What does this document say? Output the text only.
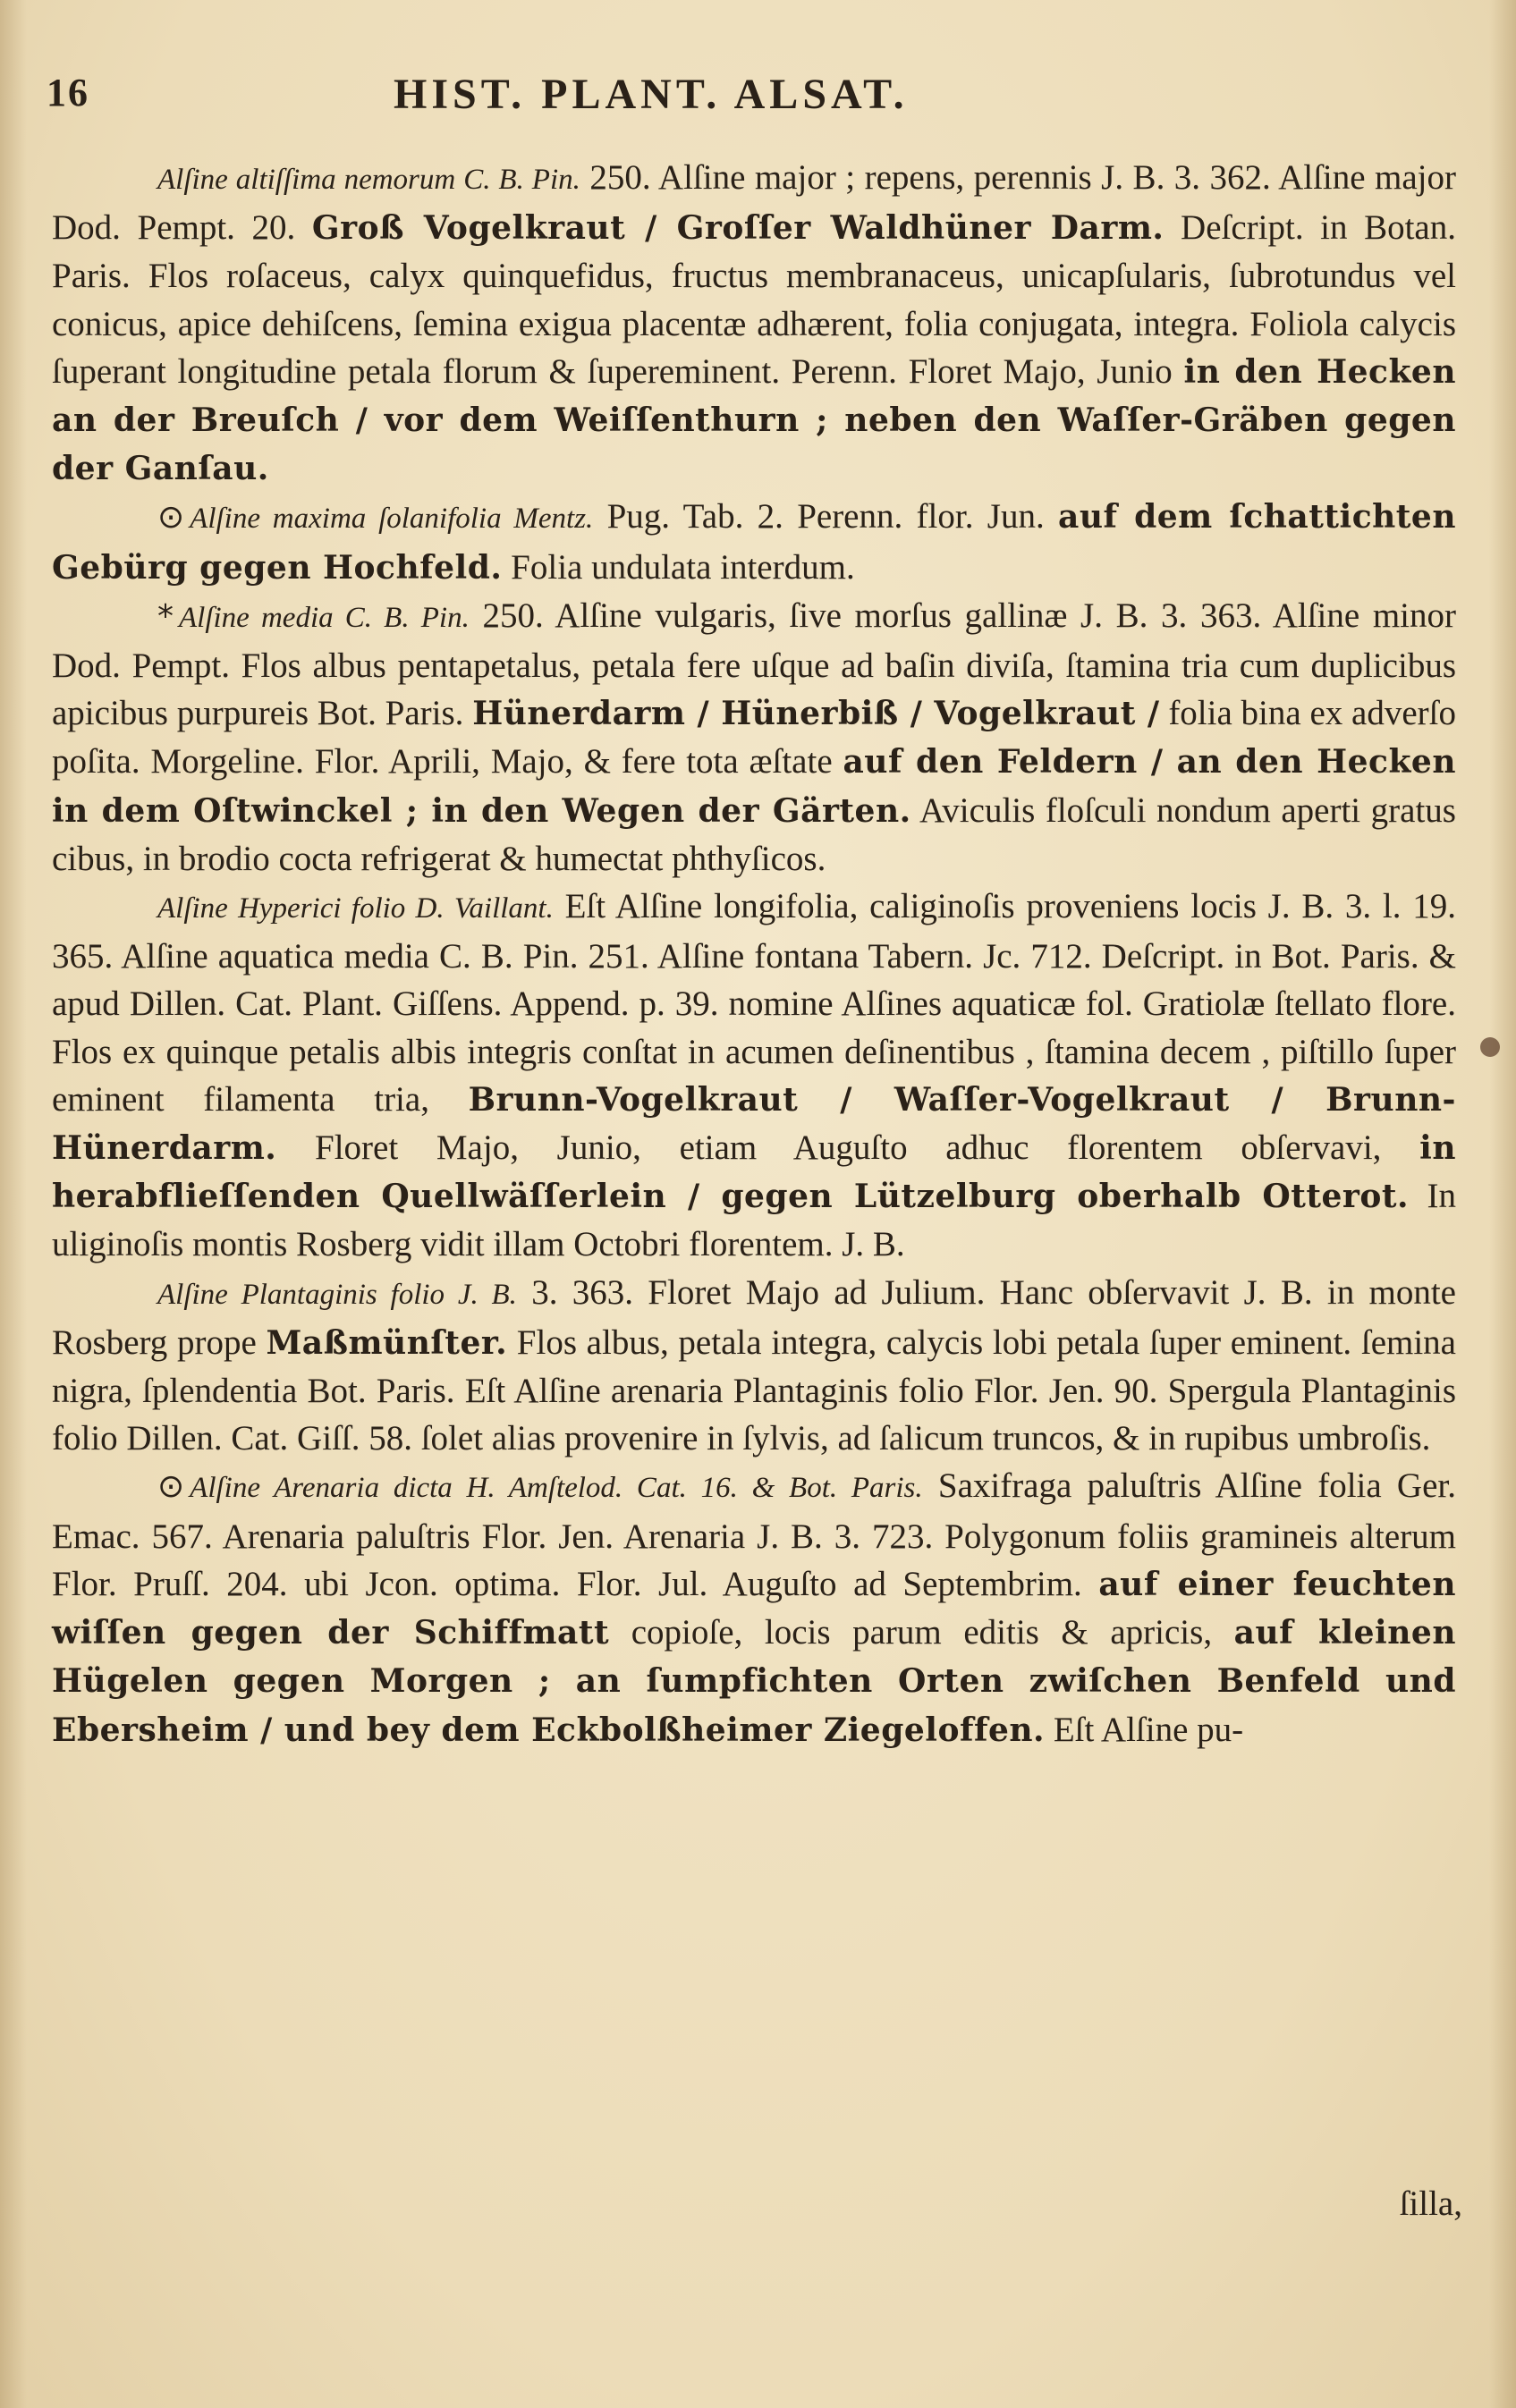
16	HIST. PLANT. ALSAT.

Alſine altiſſima nemorum C. B. Pin. 250. Alſine major ; repens, perennis J. B. 3. 362. Alſine major Dod. Pempt. 20. Groß Vogelkraut / Groſſer Waldhüner Darm. Deſcript. in Botan. Paris. Flos roſaceus, calyx quinquefidus, fructus membranaceus, unicapſularis, ſubrotundus vel conicus, apice dehiſcens, ſemina exigua placentæ adhærent, folia conjugata, integra. Foliola calycis ſuperant longitudine petala florum & ſupereminent. Perenn. Floret Majo, Junio in den Hecken an der Breuſch / vor dem Weiſſenthurn ; neben den Waſſer-Gräben gegen der Ganſau.

⊙ Alſine maxima ſolanifolia Mentz. Pug. Tab. 2. Perenn. flor. Jun. auf dem ſchattichten Gebürg gegen Hochfeld. Folia undulata interdum.

* Alſine media C. B. Pin. 250. Alſine vulgaris, ſive morſus gallinæ J. B. 3. 363. Alſine minor Dod. Pempt. Flos albus pentapetalus, petala fere uſque ad baſin diviſa, ſtamina tria cum duplicibus apicibus purpureis Bot. Paris. Hünerdarm / Hünerbiß / Vogelkraut / folia bina ex adverſo poſita. Morgeline. Flor. Aprili, Majo, & fere tota æſtate auf den Feldern / an den Hecken in dem Oſtwinckel ; in den Wegen der Gärten. Aviculis floſculi nondum aperti gratus cibus, in brodio cocta refrigerat & humectat phthyſicos.

Alſine Hyperici folio D. Vaillant. Eſt Alſine longifolia, caliginoſis proveniens locis J. B. 3. l. 19. 365. Alſine aquatica media C. B. Pin. 251. Alſine fontana Tabern. Jc. 712. Deſcript. in Bot. Paris. & apud Dillen. Cat. Plant. Giſſens. Append. p. 39. nomine Alſines aquaticæ fol. Gratiolæ ſtellato flore. Flos ex quinque petalis albis integris conſtat in acumen deſinentibus , ſtamina decem , piſtillo ſuper eminent filamenta tria, Brunn-Vogelkraut / Waſſer-Vogelkraut / Brunn-Hünerdarm. Floret Majo, Junio, etiam Auguſto adhuc florentem obſervavi, in herabflieſſenden Quellwäſſerlein / gegen Lützelburg oberhalb Otterot. In uliginoſis montis Rosberg vidit illam Octobri florentem. J. B.

Alſine Plantaginis folio J. B. 3. 363. Floret Majo ad Julium. Hanc obſervavit J. B. in monte Rosberg prope Maßmünſter. Flos albus, petala integra, calycis lobi petala ſuper eminent. ſemina nigra, ſplendentia Bot. Paris. Eſt Alſine arenaria Plantaginis folio Flor. Jen. 90. Spergula Plantaginis folio Dillen. Cat. Giſſ. 58. ſolet alias provenire in ſylvis, ad ſalicum truncos, & in rupibus umbroſis.

⊙ Alſine Arenaria dicta H. Amſtelod. Cat. 16. & Bot. Paris. Saxifraga paluſtris Alſine folia Ger. Emac. 567. Arenaria paluſtris Flor. Jen. Arenaria J. B. 3. 723. Polygonum foliis gramineis alterum Flor. Pruſſ. 204. ubi Jcon. optima. Flor. Jul. Auguſto ad Septembrim. auf einer feuchten wiſſen gegen der Schiffmatt copioſe, locis parum editis & apricis, auf kleinen Hügelen gegen Morgen ; an ſumpfichten Orten zwiſchen Benfeld und Ebersheim / und bey dem Eckbolßheimer Ziegeloffen. Eſt Alſine pu-

ſilla,
